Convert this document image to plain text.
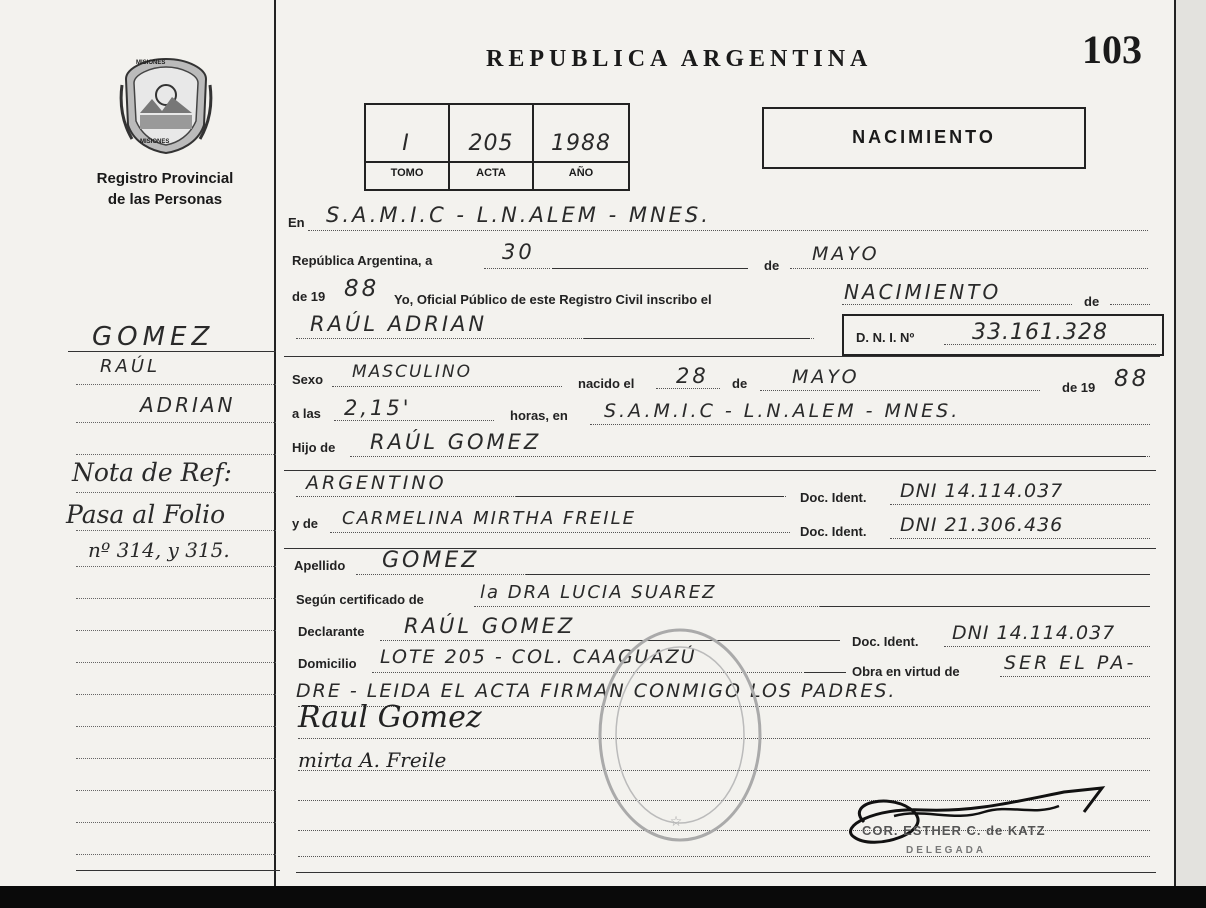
MISIONES
MISIONES
Registro Provincial
de las Personas
REPUBLICA ARGENTINA	103
I	205	1988
TOMO	ACTA	AÑO
NACIMIENTO
GOMEZ
RAÚL
ADRIAN
Nota de Ref:
Pasa al Folio
nº 314, y 315.
En S.A.M.I.C - L.N.ALEM - MNES.
República Argentina, a	30
de
MAYO
de 19 88 Yo, Oficial Público de este Registro Civil inscribo el	NACIMIENTO	de
RAÚL ADRIAN
D. N. I. Nº	33.161.328
Sexo MASCULINO
nacido el 28 de MAYO	de 19 88
a las 2,15'	horas, en S.A.M.I.C - L.N.ALEM - MNES.
Hijo de RAÚL GOMEZ
ARGENTINO
Doc. Ident. DNI 14.114.037
y de CARMELINA MIRTHA FREILE
Doc. Ident. DNI 21.306.436
Apellido GOMEZ
Según certificado de	la DRA LUCIA SUAREZ
Declarante RAÚL GOMEZ
Doc. Ident. DNI 14.114.037
Domicilio LOTE 205 - COL. CAAGUAZÚ
Obra en virtud de SER EL PA-
DRE - LEIDA EL ACTA FIRMAN CONMIGO LOS PADRES.
Raul Gomez
mirta A. Freile
☆
COR. ESTHER C. de KATZ
DELEGADA
